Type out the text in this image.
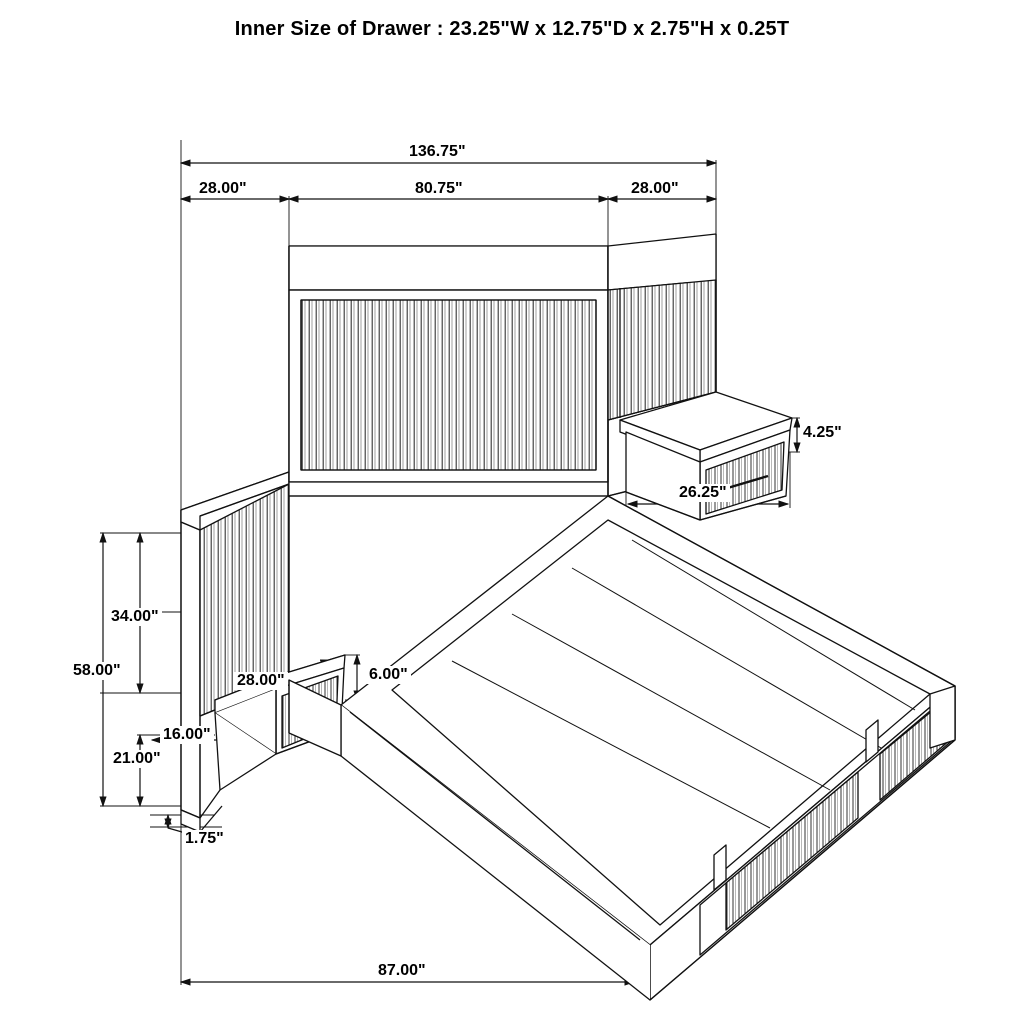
Inner Size of Drawer : 23.25"W x 12.75"D x 2.75"H x 0.25T
136.75"
28.00"	80.75"	28.00"
4.25"
26.25"
34.00"
58.00"
21.00"
28.00"	6.00"
16.00"
1.75"
87.00"
